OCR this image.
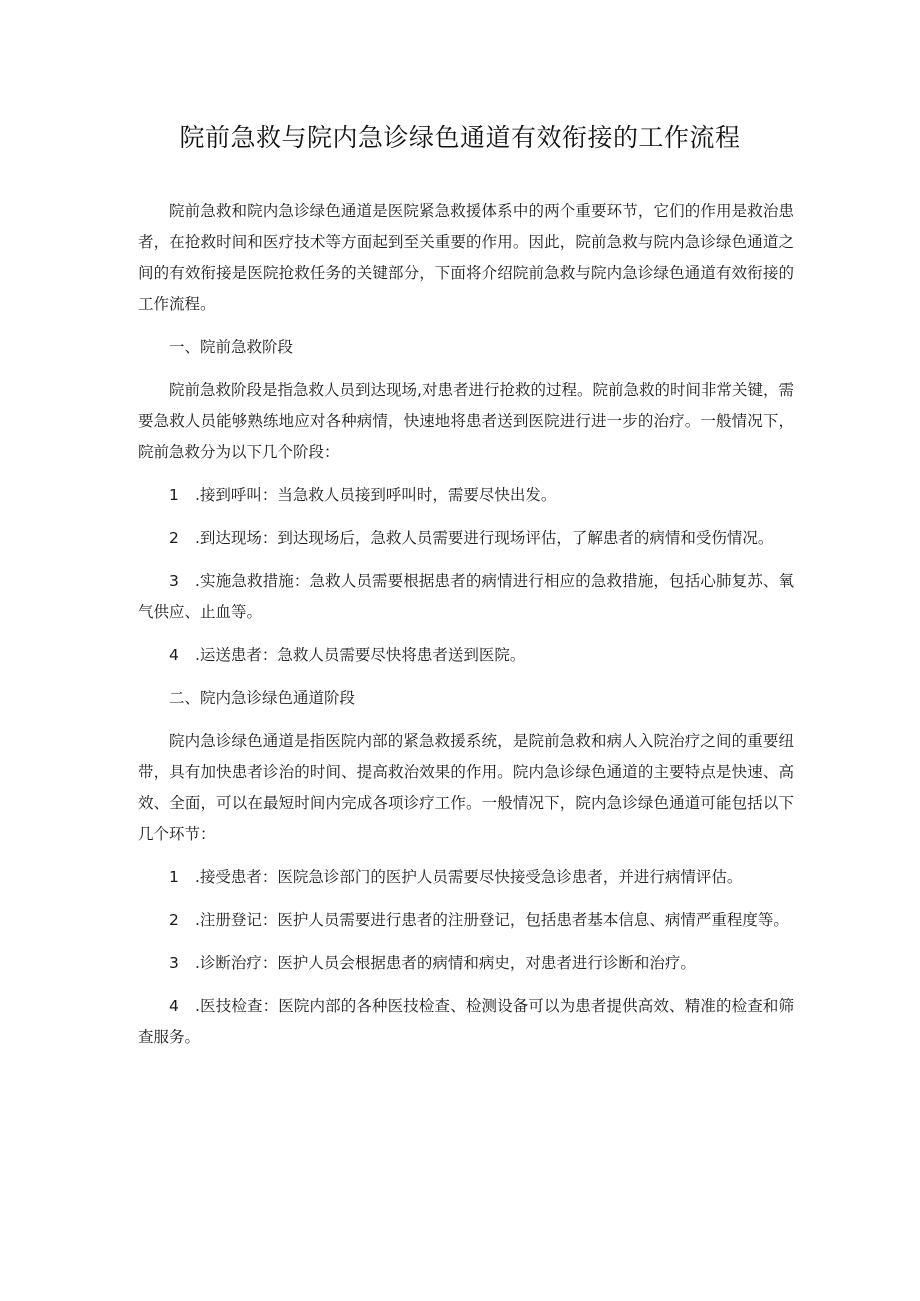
院前急救与院内急诊绿色通道有效衔接的工作流程

院前急救和院内急诊绿色通道是医院紧急救援体系中的两个重要环节，它们的作用是救治患者，在抢救时间和医疗技术等方面起到至关重要的作用。因此，院前急救与院内急诊绿色通道之间的有效衔接是医院抢救任务的关键部分，下面将介绍院前急救与院内急诊绿色通道有效衔接的工作流程。

一、院前急救阶段

院前急救阶段是指急救人员到达现场,对患者进行抢救的过程。院前急救的时间非常关键，需要急救人员能够熟练地应对各种病情，快速地将患者送到医院进行进一步的治疗。一般情况下，院前急救分为以下几个阶段：

1 .接到呼叫：当急救人员接到呼叫时，需要尽快出发。

2 .到达现场：到达现场后，急救人员需要进行现场评估，了解患者的病情和受伤情况。

3 .实施急救措施：急救人员需要根据患者的病情进行相应的急救措施，包括心肺复苏、氧气供应、止血等。

4 .运送患者：急救人员需要尽快将患者送到医院。

二、院内急诊绿色通道阶段

院内急诊绿色通道是指医院内部的紧急救援系统，是院前急救和病人入院治疗之间的重要纽带，具有加快患者诊治的时间、提高救治效果的作用。院内急诊绿色通道的主要特点是快速、高效、全面，可以在最短时间内完成各项诊疗工作。一般情况下，院内急诊绿色通道可能包括以下几个环节：

1 .接受患者：医院急诊部门的医护人员需要尽快接受急诊患者，并进行病情评估。

2 .注册登记：医护人员需要进行患者的注册登记，包括患者基本信息、病情严重程度等。

3 .诊断治疗：医护人员会根据患者的病情和病史，对患者进行诊断和治疗。

4 .医技检查：医院内部的各种医技检查、检测设备可以为患者提供高效、精准的检查和筛查服务。
